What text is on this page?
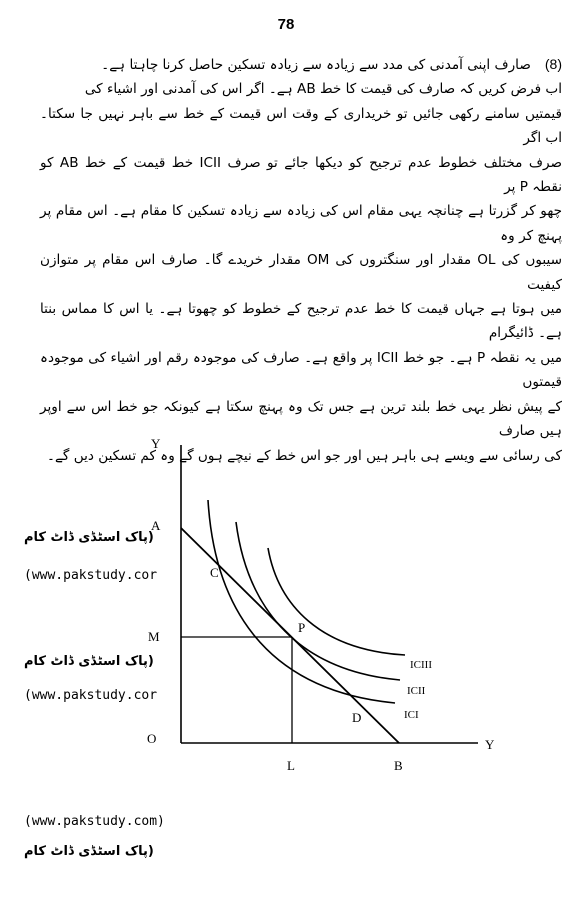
78
(8)صارف اپنی آمدنی کی مدد سے زیادہ سے زیادہ تسکین حاصل کرنا چاہتا ہے۔
اب فرض کریں کہ صارف کی قیمت کا خط AB ہے۔ اگر اس کی آمدنی اور اشیاء کی
قیمتیں سامنے رکھی جائیں تو خریداری کے وقت اس قیمت کے خط سے باہر نہیں جا سکتا۔ اب اگر
صرف مختلف خطوط عدم ترجیح کو دیکھا جائے تو صرف ICII خط قیمت کے خط AB کو نقطہ P پر
چھو کر گزرتا ہے چنانچہ یہی مقام اس کی زیادہ سے زیادہ تسکین کا مقام ہے۔ اس مقام پر پہنچ کر وہ
سیبوں کی OL مقدار اور سنگتروں کی OM مقدار خریدے گا۔ صارف اس مقام پر متوازن کیفیت
میں ہوتا ہے جہاں قیمت کا خط عدم ترجیح کے خطوط کو چھوتا ہے۔ یا اس کا مماس بنتا ہے۔ ڈائیگرام
میں یہ نقطہ P ہے۔ جو خط ICII پر واقع ہے۔ صارف کی موجودہ رقم اور اشیاء کی موجودہ قیمتوں
کے پیش نظر یہی خط بلند ترین ہے جس تک وہ پہنچ سکتا ہے کیونکہ جو خط اس سے اوپر ہیں صارف
کی رسائی سے ویسے ہی باہر ہیں اور جو اس خط کے نیچے ہوں گے وہ کم تسکین دیں گے۔
Y
Y
O
A
B
C
D
P
M
L
ICIII
ICII
ICI
(پاک اسٹڈی ڈاٹ کام
(www.pakstudy.cor
(پاک اسٹڈی ڈاٹ کام
(www.pakstudy.cor
(www.pakstudy.com)
(پاک اسٹڈی ڈاٹ کام
